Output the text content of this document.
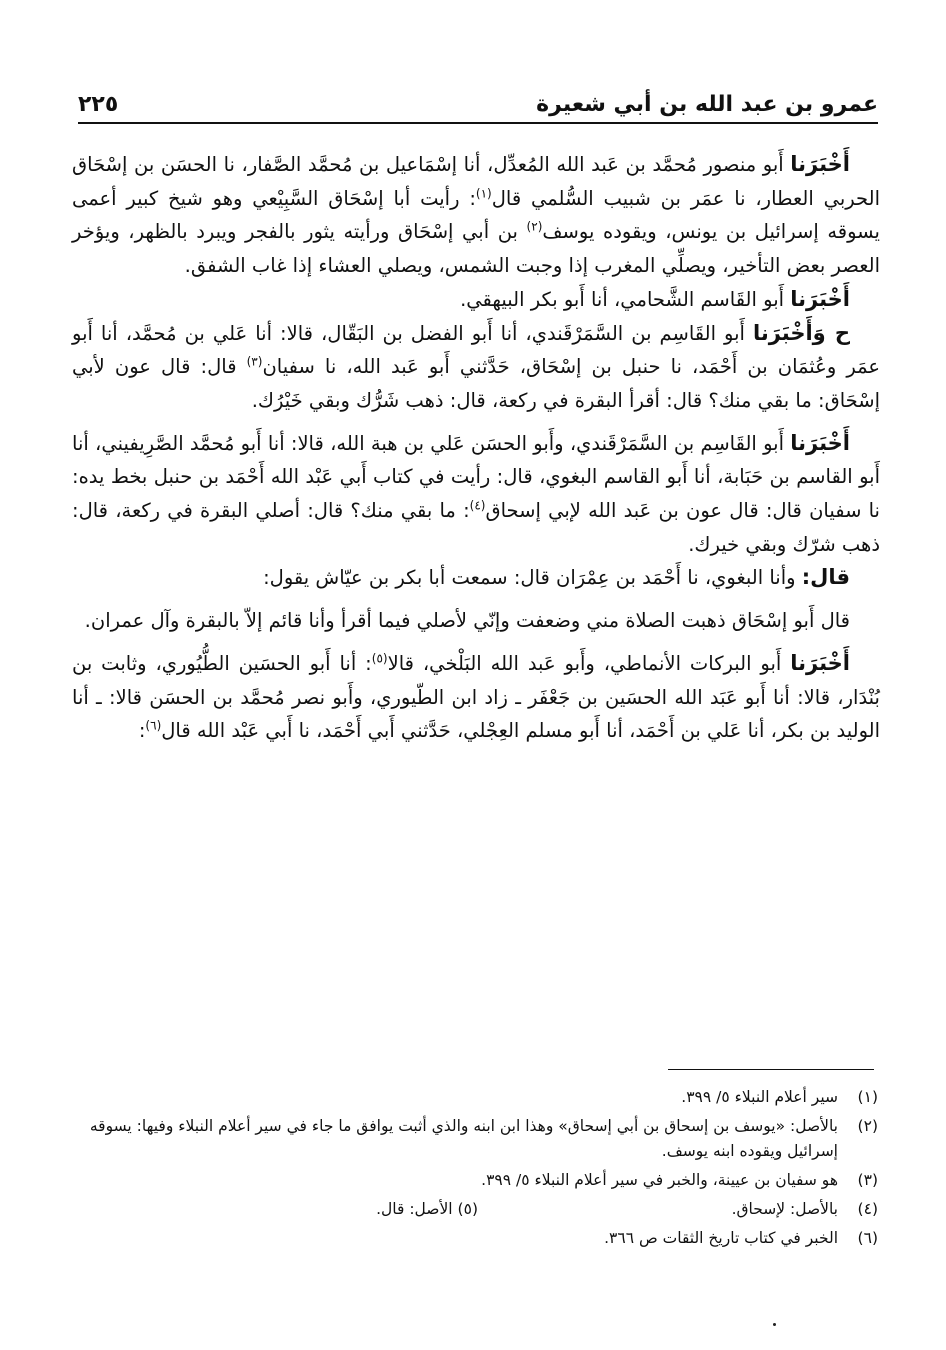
عمرو بن عبد الله بن أبي شعيرة
٢٢٥

أَخْبَرَنا أَبو منصور مُحمَّد بن عَبد الله المُعدِّل، أنا إسْمَاعيل بن مُحمَّد الصَّفار، نا الحسَن بن إسْحَاق الحربي العطار، نا عمَر بن شبيب السُّلمي قال$^{(١)}$: رأيت أبا إسْحَاق السَّبِيْعي وهو شيخ كبير أعمى يسوقه إسرائيل بن يونس، ويقوده يوسف$^{(٢)}$ بن أبي إسْحَاق ورأيته يثور بالفجر ويبرد بالظهر، ويؤخر العصر بعض التأخير، ويصلِّي المغرب إذا وجبت الشمس، ويصلي العشاء إذا غاب الشفق.

أَخْبَرَنا أَبو القَاسم الشَّحامي، أنا أَبو بكر البيهقي.

ح وَأَخْبَرَنا أَبو القَاسِم بن السَّمَرْقَندي، أنا أَبو الفضل بن البَقّال، قالا: أنا عَلي بن مُحمَّد، أنا أَبو عمَر وعُثمَان بن أَحْمَد، نا حنبل بن إسْحَاق، حَدَّثني أَبو عَبد الله، نا سفيان$^{(٣)}$ قال: قال عون لأبي إسْحَاق: ما بقي منك؟ قال: أقرأ البقرة في ركعة، قال: ذهب شَرُّك وبقي خَيْرُك.

أَخْبَرَنا أَبو القَاسِم بن السَّمَرْقَندي، وأَبو الحسَن عَلي بن هبة الله، قالا: أنا أَبو مُحمَّد الصَّرِيفيني، أنا أَبو القاسم بن حَبَابة، أنا أَبو القاسم البغوي، قال: رأيت في كتاب أَبي عَبْد الله أَحْمَد بن حنبل بخط يده: نا سفيان قال: قال عون بن عَبد الله لإبي إسحاق$^{(٤)}$: ما بقي منك؟ قال: أصلي البقرة في ركعة، قال: ذهب شرّك وبقي خيرك.

قال: وأنا البغوي، نا أَحْمَد بن عِمْرَان قال: سمعت أبا بكر بن عيّاش يقول:

قال أَبو إسْحَاق ذهبت الصلاة مني وضعفت وإنّي لأصلي فيما أقرأ وأنا قائم إلاّ بالبقرة وآل عمران.

أَخْبَرَنا أَبو البركات الأنماطي، وأَبو عَبد الله البَلْخي، قالا$^{(٥)}$: أنا أَبو الحسَين الطُّيُوري، وثابت بن بُنْدَار، قالا: أنا أَبو عَبَد الله الحسَين بن جَعْفَر ـ زاد ابن الطّيوري، وأَبو نصر مُحمَّد بن الحسَن قالا: ـ أنا الوليد بن بكر، أنا عَلي بن أَحْمَد، أنا أَبو مسلم العِجْلي، حَدَّثني أَبي أَحْمَد، نا أَبي عَبْد الله قال$^{(٦)}$:

(١)
سير أعلام النبلاء ٥/ ٣٩٩.
(٢)
بالأصل: «يوسف بن إسحاق بن أبي إسحاق» وهذا ابن ابنه والذي أثبت يوافق ما جاء في سير أعلام النبلاء وفيها: يسوقه إسرائيل ويقوده ابنه يوسف.
(٣)
هو سفيان بن عيينة، والخبر في سير أعلام النبلاء ٥/ ٣٩٩.
(٤)
بالأصل: لإسحاق.
(٥) الأصل: قال.
(٦)
الخبر في كتاب تاريخ الثقات ص ٣٦٦.
